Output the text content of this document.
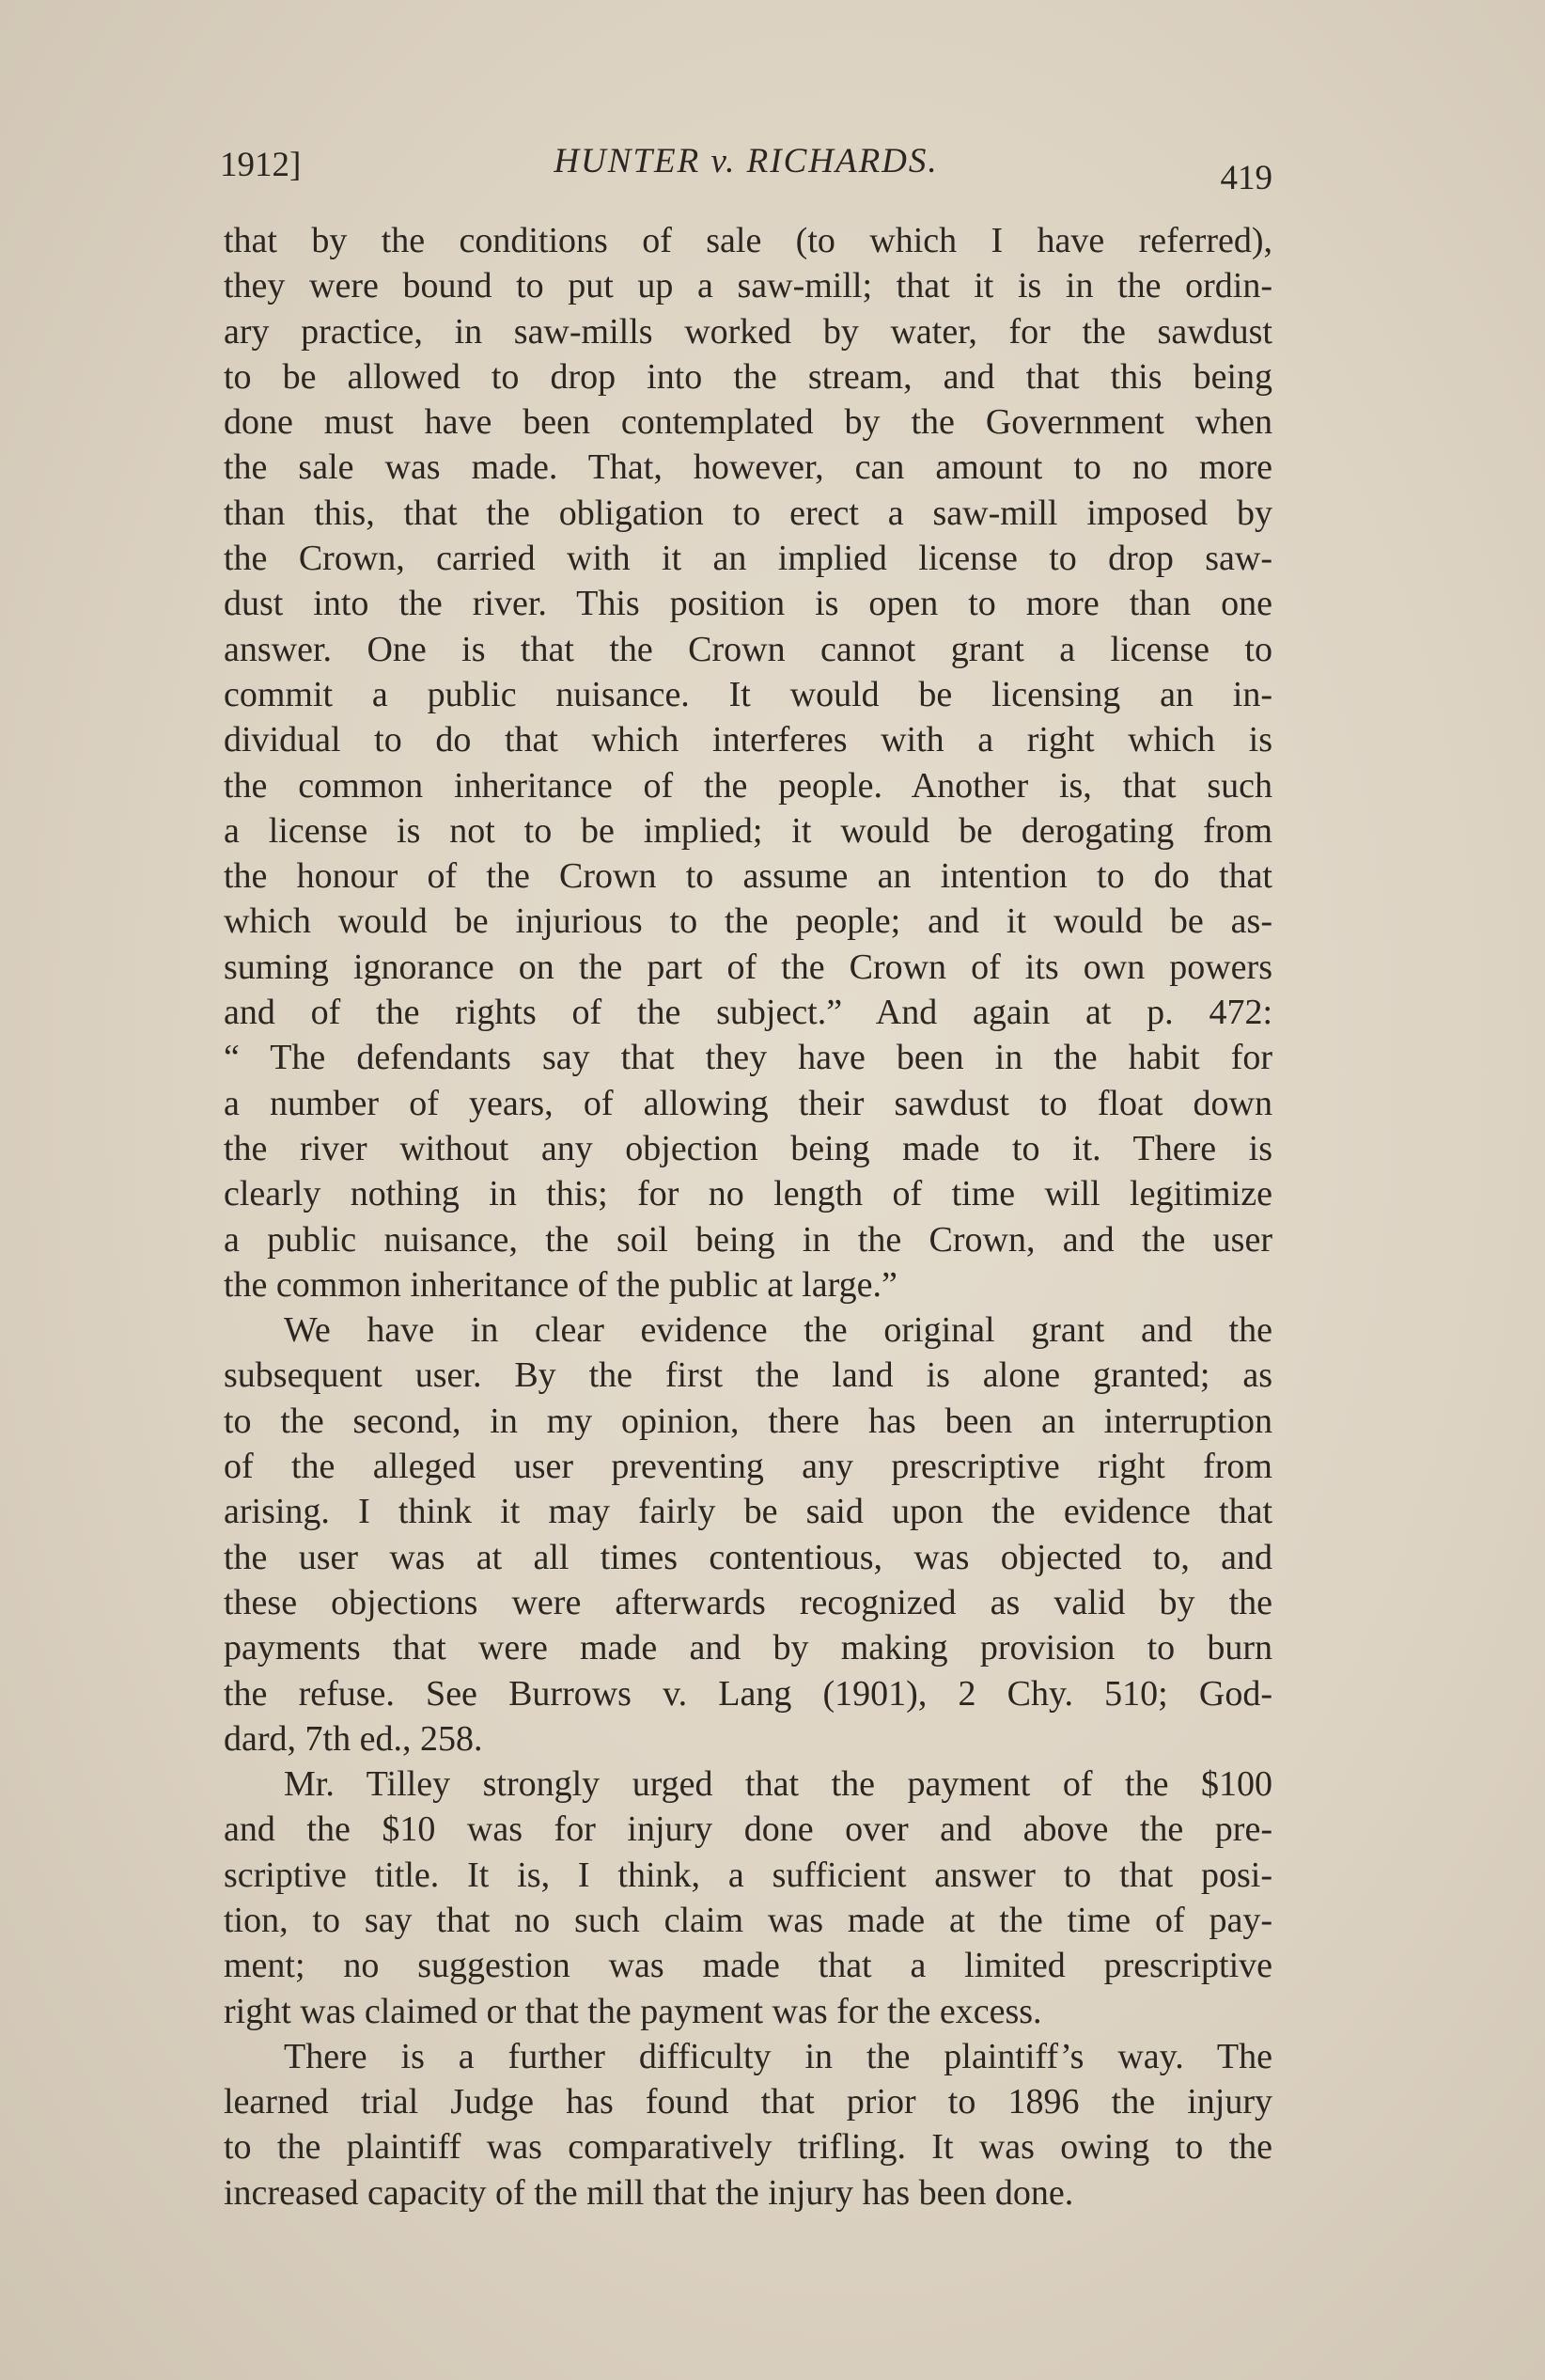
1912]	HUNTER v. RICHARDS.	419
that by the conditions of sale (to which I have referred),
they were bound to put up a saw-mill; that it is in the ordin-
ary practice, in saw-mills worked by water, for the sawdust
to be allowed to drop into the stream, and that this being
done must have been contemplated by the Government when
the sale was made. That, however, can amount to no more
than this, that the obligation to erect a saw-mill imposed by
the Crown, carried with it an implied license to drop saw-
dust into the river. This position is open to more than one
answer. One is that the Crown cannot grant a license to
commit a public nuisance. It would be licensing an in-
dividual to do that which interferes with a right which is
the common inheritance of the people. Another is, that such
a license is not to be implied; it would be derogating from
the honour of the Crown to assume an intention to do that
which would be injurious to the people; and it would be as-
suming ignorance on the part of the Crown of its own powers
and of the rights of the subject.” And again at p. 472:
“ The defendants say that they have been in the habit for
a number of years, of allowing their sawdust to float down
the river without any objection being made to it. There is
clearly nothing in this; for no length of time will legitimize
a public nuisance, the soil being in the Crown, and the user
the common inheritance of the public at large.”
We have in clear evidence the original grant and the
subsequent user. By the first the land is alone granted; as
to the second, in my opinion, there has been an interruption
of the alleged user preventing any prescriptive right from
arising. I think it may fairly be said upon the evidence that
the user was at all times contentious, was objected to, and
these objections were afterwards recognized as valid by the
payments that were made and by making provision to burn
the refuse. See Burrows v. Lang (1901), 2 Chy. 510; God-
dard, 7th ed., 258.
Mr. Tilley strongly urged that the payment of the $100
and the $10 was for injury done over and above the pre-
scriptive title. It is, I think, a sufficient answer to that posi-
tion, to say that no such claim was made at the time of pay-
ment; no suggestion was made that a limited prescriptive
right was claimed or that the payment was for the excess.
There is a further difficulty in the plaintiff’s way. The
learned trial Judge has found that prior to 1896 the injury
to the plaintiff was comparatively trifling. It was owing to the
increased capacity of the mill that the injury has been done.
